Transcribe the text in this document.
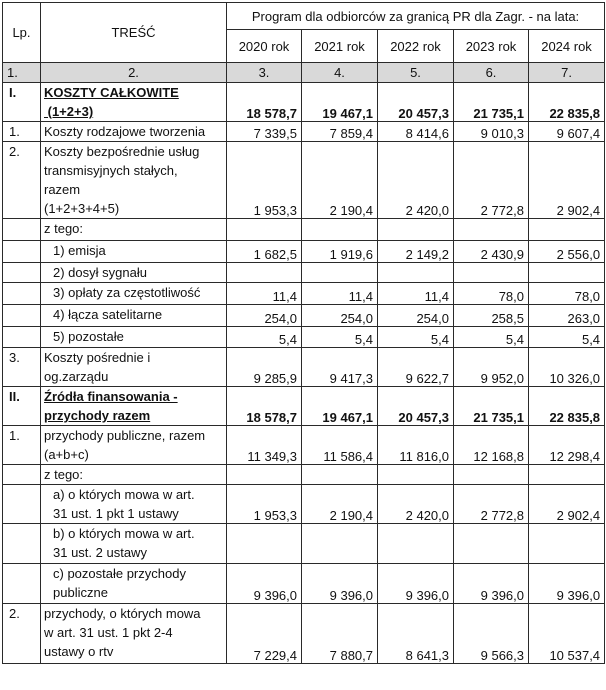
Lp.	TREŚĆ	Program dla odbiorców za granicą PR dla Zagr. - na lata:				
		2020 rok	2021 rok	2022 rok	2023 rok	2024 rok
1.	2.	3.	4.	5.	6.	7.
I.	KOSZTY CAŁKOWITE
(1+2+3)	18 578,7	19 467,1	20 457,3	21 735,1	22 835,8
1.	Koszty rodzajowe tworzenia	7 339,5	7 859,4	8 414,6	9 010,3	9 607,4
2.	Koszty bezpośrednie usług
transmisyjnych stałych,
razem
(1+2+3+4+5)	1 953,3	2 190,4	2 420,0	2 772,8	2 902,4

	z tego:					

	1) emisja	1 682,5	1 919,6	2 149,2	2 430,9	2 556,0

	2) dosył sygnału					

	3) opłaty za częstotliwość	11,4	11,4	11,4	78,0	78,0

	4) łącza satelitarne	254,0	254,0	254,0	258,5	263,0

	5) pozostałe	5,4	5,4	5,4	5,4	5,4
3.	Koszty pośrednie i
og.zarządu	9 285,9	9 417,3	9 622,7	9 952,0	10 326,0
II.	Źródła finansowania -
przychody razem	18 578,7	19 467,1	20 457,3	21 735,1	22 835,8
1.	przychody publiczne, razem
(a+b+c)	11 349,3	11 586,4	11 816,0	12 168,8	12 298,4

	z tego:					

	a) o których mowa w art.
31 ust. 1 pkt 1 ustawy	1 953,3	2 190,4	2 420,0	2 772,8	2 902,4

	b) o których mowa w art.
31 ust. 2 ustawy					

	c) pozostałe przychody
publiczne	9 396,0	9 396,0	9 396,0	9 396,0	9 396,0
2.	przychody, o których mowa
w art. 31 ust. 1 pkt 2-4
ustawy o rtv	7 229,4	7 880,7	8 641,3	9 566,3	10 537,4
